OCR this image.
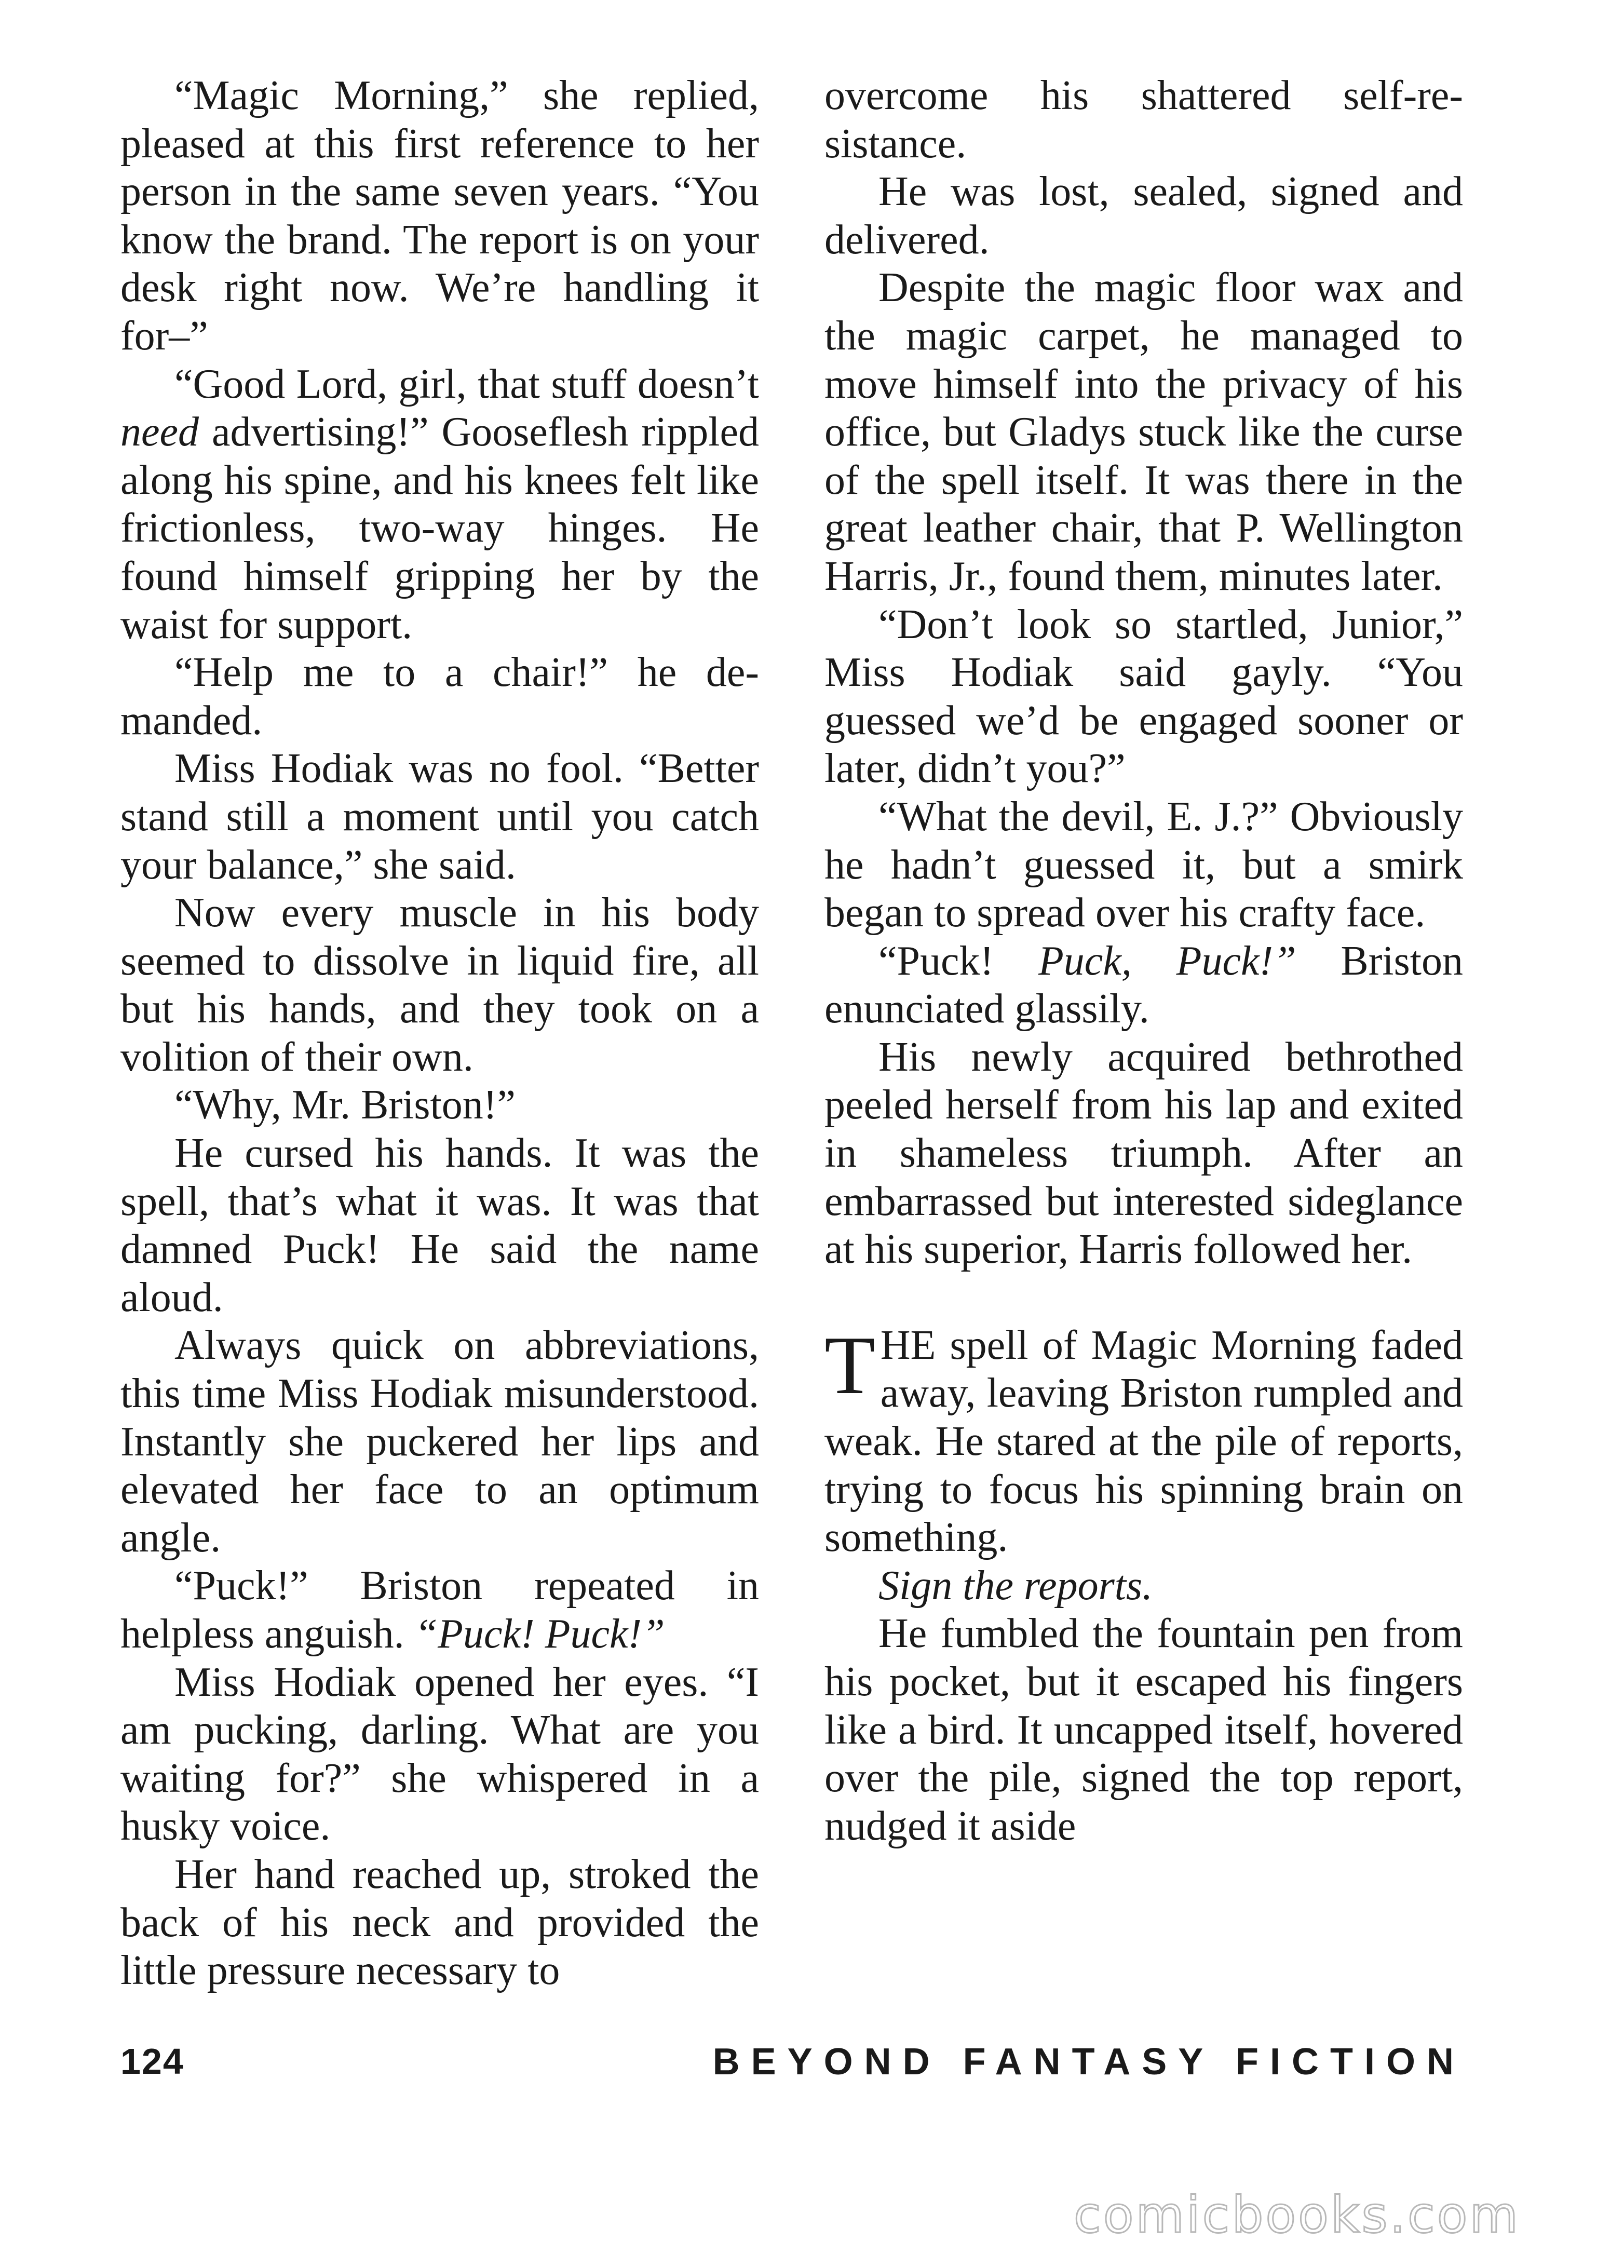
“Magic Morning,” she replied, pleased at this first reference to her person in the same seven years. “You know the brand. The report is on your desk right now. We’re handling it for–”

“Good Lord, girl, that stuff doesn’t need advertising!” Gooseflesh rippled along his spine, and his knees felt like frictionless, two-way hinges. He found himself gripping her by the waist for support.

“Help me to a chair!” he demanded.

Miss Hodiak was no fool. “Better stand still a moment until you catch your balance,” she said.

Now every muscle in his body seemed to dissolve in liquid fire, all but his hands, and they took on a volition of their own.

“Why, Mr. Briston!”

He cursed his hands. It was the spell, that’s what it was. It was that damned Puck! He said the name aloud.

Always quick on abbreviations, this time Miss Hodiak misunderstood. Instantly she puckered her lips and elevated her face to an optimum angle.

“Puck!” Briston repeated in helpless anguish. “Puck! Puck!”

Miss Hodiak opened her eyes. “I am pucking, darling. What are you waiting for?” she whispered in a husky voice.

Her hand reached up, stroked the back of his neck and provided the little pressure necessary to

overcome his shattered self-resistance.

He was lost, sealed, signed and delivered.

Despite the magic floor wax and the magic carpet, he managed to move himself into the privacy of his office, but Gladys stuck like the curse of the spell itself. It was there in the great leather chair, that P. Wellington Harris, Jr., found them, minutes later.

“Don’t look so startled, Junior,” Miss Hodiak said gayly. “You guessed we’d be engaged sooner or later, didn’t you?”

“What the devil, E. J.?” Obviously he hadn’t guessed it, but a smirk began to spread over his crafty face.

“Puck! Puck, Puck!” Briston enunciated glassily.

His newly acquired bethrothed peeled herself from his lap and exited in shameless triumph. After an embarrassed but interested sideglance at his superior, Harris followed her.

THE spell of Magic Morning faded away, leaving Briston rumpled and weak. He stared at the pile of reports, trying to focus his spinning brain on something.

Sign the reports.

He fumbled the fountain pen from his pocket, but it escaped his fingers like a bird. It uncapped itself, hovered over the pile, signed the top report, nudged it aside

124	BEYOND FANTASY FICTION
comicbooks.com
